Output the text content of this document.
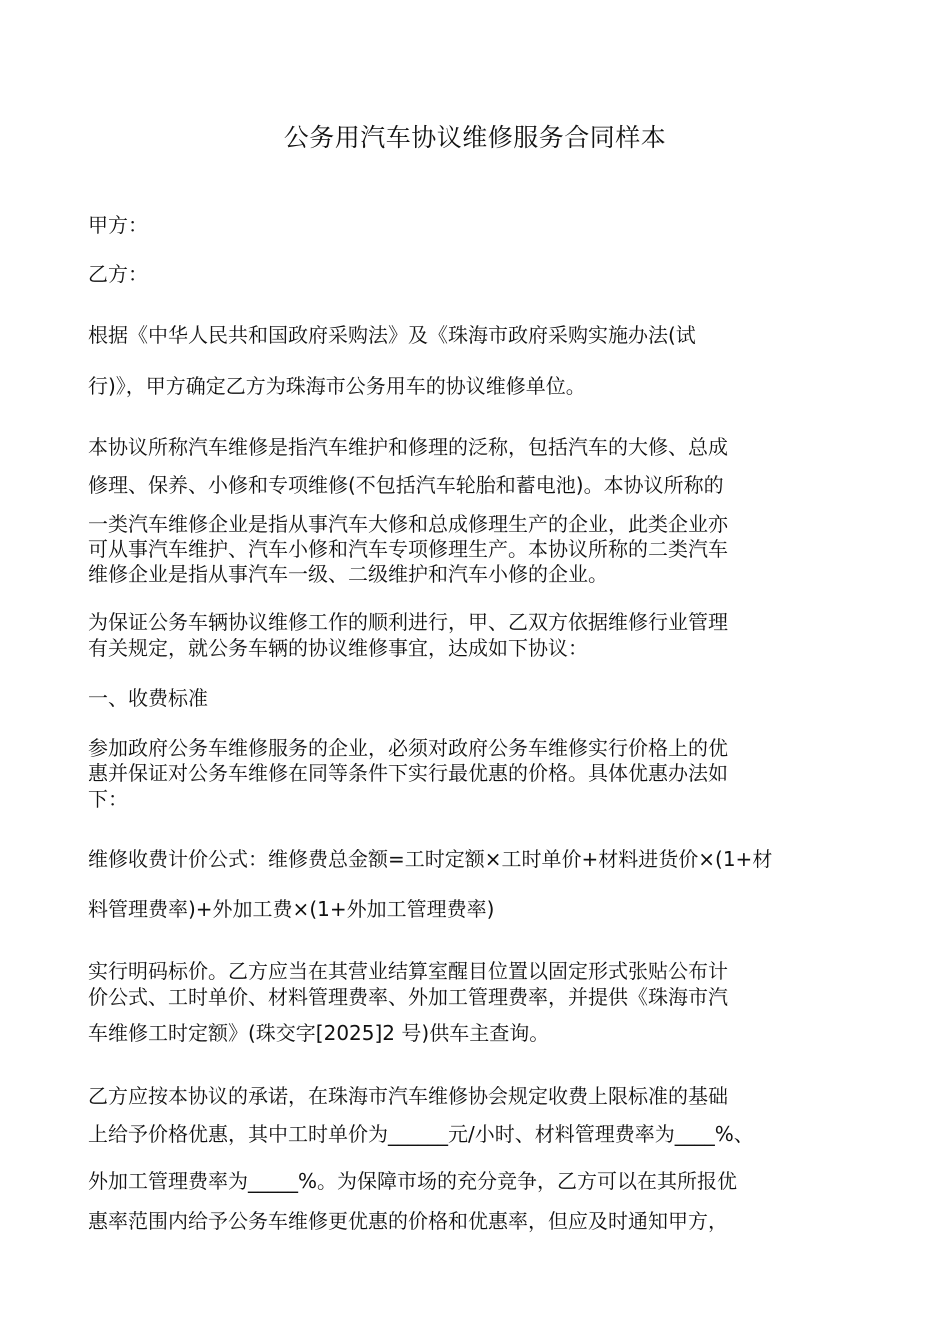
公务用汽车协议维修服务合同样本
甲方：
乙方：
根据《中华人民共和国政府采购法》及《珠海市政府采购实施办法(试
行)》，甲方确定乙方为珠海市公务用车的协议维修单位。
本协议所称汽车维修是指汽车维护和修理的泛称，包括汽车的大修、总成
修理、保养、小修和专项维修(不包括汽车轮胎和蓄电池)。本协议所称的
一类汽车维修企业是指从事汽车大修和总成修理生产的企业，此类企业亦
可从事汽车维护、汽车小修和汽车专项修理生产。本协议所称的二类汽车
维修企业是指从事汽车一级、二级维护和汽车小修的企业。
为保证公务车辆协议维修工作的顺利进行，甲、乙双方依据维修行业管理
有关规定，就公务车辆的协议维修事宜，达成如下协议：
一、收费标准
参加政府公务车维修服务的企业，必须对政府公务车维修实行价格上的优
惠并保证对公务车维修在同等条件下实行最优惠的价格。具体优惠办法如
下：
维修收费计价公式：维修费总金额=工时定额×工时单价+材料进货价×(1+材
料管理费率)+外加工费×(1+外加工管理费率)
实行明码标价。乙方应当在其营业结算室醒目位置以固定形式张贴公布计
价公式、工时单价、材料管理费率、外加工管理费率，并提供《珠海市汽
车维修工时定额》(珠交字[2025]2 号)供车主查询。
乙方应按本协议的承诺，在珠海市汽车维修协会规定收费上限标准的基础
上给予价格优惠，其中工时单价为______元/小时、材料管理费率为____%、
外加工管理费率为_____%。为保障市场的充分竞争，乙方可以在其所报优
惠率范围内给予公务车维修更优惠的价格和优惠率，但应及时通知甲方，
